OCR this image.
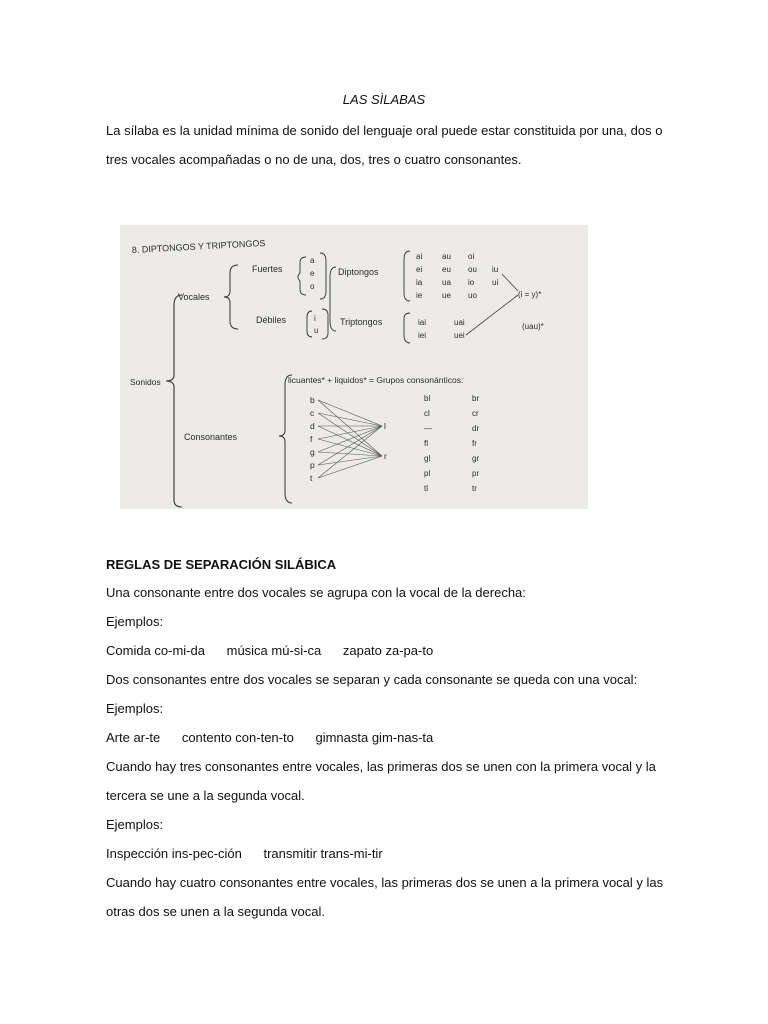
LAS SÌLABAS
La sílaba es la unidad mínima de sonido del lenguaje oral puede estar constituida por una, dos o
tres vocales acompañadas o no de una, dos, tres o cuatro consonantes.
8. DIPTONGOS Y TRIPTONGOS
Sonidos
Vocales
Fuertes
a
e
o
Débiles	i
u
Diptongos
Triptongos
ai au oi
ei eu ou iu
ia ua io ui
ie ue uo
iai	uai
iei	uei
(i = y)*
(uau)*
Consonantes
licuantes* + liquidos* = Grupos consonánticos:
b
c
d
f
g
p
t
l
r
bl	br
cl	cr
—	dr
fl	fr
gl	gr
pl	pr
tl	tr
REGLAS DE SEPARACIÓN SILÁBICA
Una consonante entre dos vocales se agrupa con la vocal de la derecha:
Ejemplos:
Comida co-mi-da música mú-si-ca zapato za-pa-to
Dos consonantes entre dos vocales se separan y cada consonante se queda con una vocal:
Ejemplos:
Arte ar-te contento con-ten-to gimnasta gim-nas-ta
Cuando hay tres consonantes entre vocales, las primeras dos se unen con la primera vocal y la
tercera se une a la segunda vocal.
Ejemplos:
Inspección ins-pec-ción transmitir trans-mi-tir
Cuando hay cuatro consonantes entre vocales, las primeras dos se unen a la primera vocal y las
otras dos se unen a la segunda vocal.
